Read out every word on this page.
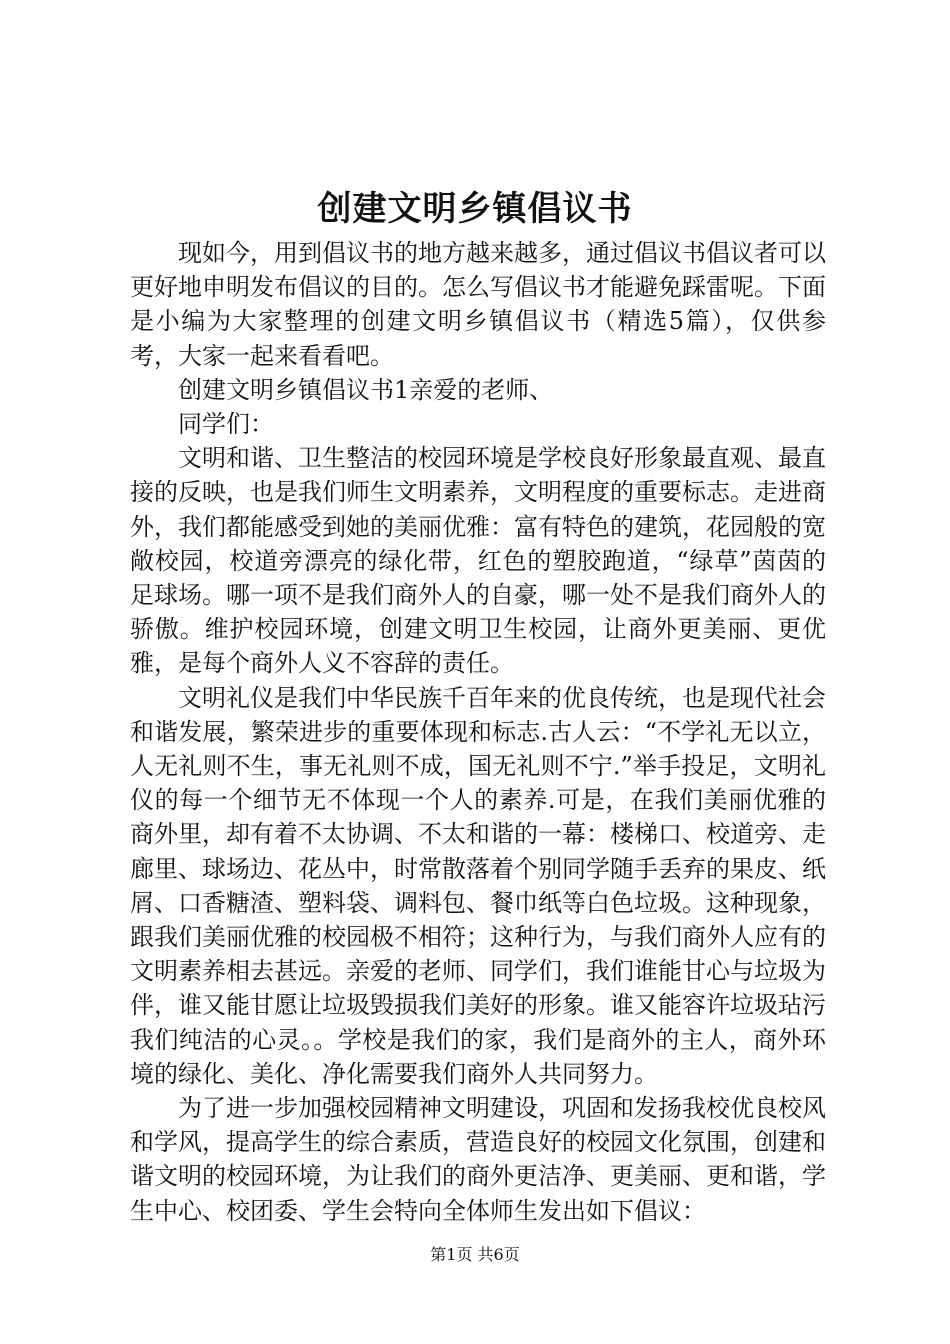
创建文明乡镇倡议书

现如今，用到倡议书的地方越来越多，通过倡议书倡议者可以更好地申明发布倡议的目的。怎么写倡议书才能避免踩雷呢。下面是小编为大家整理的创建文明乡镇倡议书（精选5篇），仅供参考，大家一起来看看吧。

创建文明乡镇倡议书1亲爱的老师、

同学们：

文明和谐、卫生整洁的校园环境是学校良好形象最直观、最直接的反映，也是我们师生文明素养，文明程度的重要标志。走进商外，我们都能感受到她的美丽优雅：富有特色的建筑，花园般的宽敞校园，校道旁漂亮的绿化带，红色的塑胶跑道，“绿草”茵茵的足球场。哪一项不是我们商外人的自豪，哪一处不是我们商外人的骄傲。维护校园环境，创建文明卫生校园，让商外更美丽、更优雅，是每个商外人义不容辞的责任。

文明礼仪是我们中华民族千百年来的优良传统，也是现代社会和谐发展，繁荣进步的重要体现和标志.古人云：“不学礼无以立，人无礼则不生，事无礼则不成，国无礼则不宁.”举手投足，文明礼仪的每一个细节无不体现一个人的素养.可是，在我们美丽优雅的商外里，却有着不太协调、不太和谐的一幕：楼梯口、校道旁、走廊里、球场边、花丛中，时常散落着个别同学随手丢弃的果皮、纸屑、口香糖渣、塑料袋、调料包、餐巾纸等白色垃圾。这种现象，跟我们美丽优雅的校园极不相符；这种行为，与我们商外人应有的文明素养相去甚远。亲爱的老师、同学们，我们谁能甘心与垃圾为伴，谁又能甘愿让垃圾毁损我们美好的形象。谁又能容许垃圾玷污我们纯洁的心灵。。学校是我们的家，我们是商外的主人，商外环境的绿化、美化、净化需要我们商外人共同努力。

为了进一步加强校园精神文明建设，巩固和发扬我校优良校风和学风，提高学生的综合素质，营造良好的校园文化氛围，创建和谐文明的校园环境，为让我们的商外更洁净、更美丽、更和谐，学生中心、校团委、学生会特向全体师生发出如下倡议：

第1页 共6页
